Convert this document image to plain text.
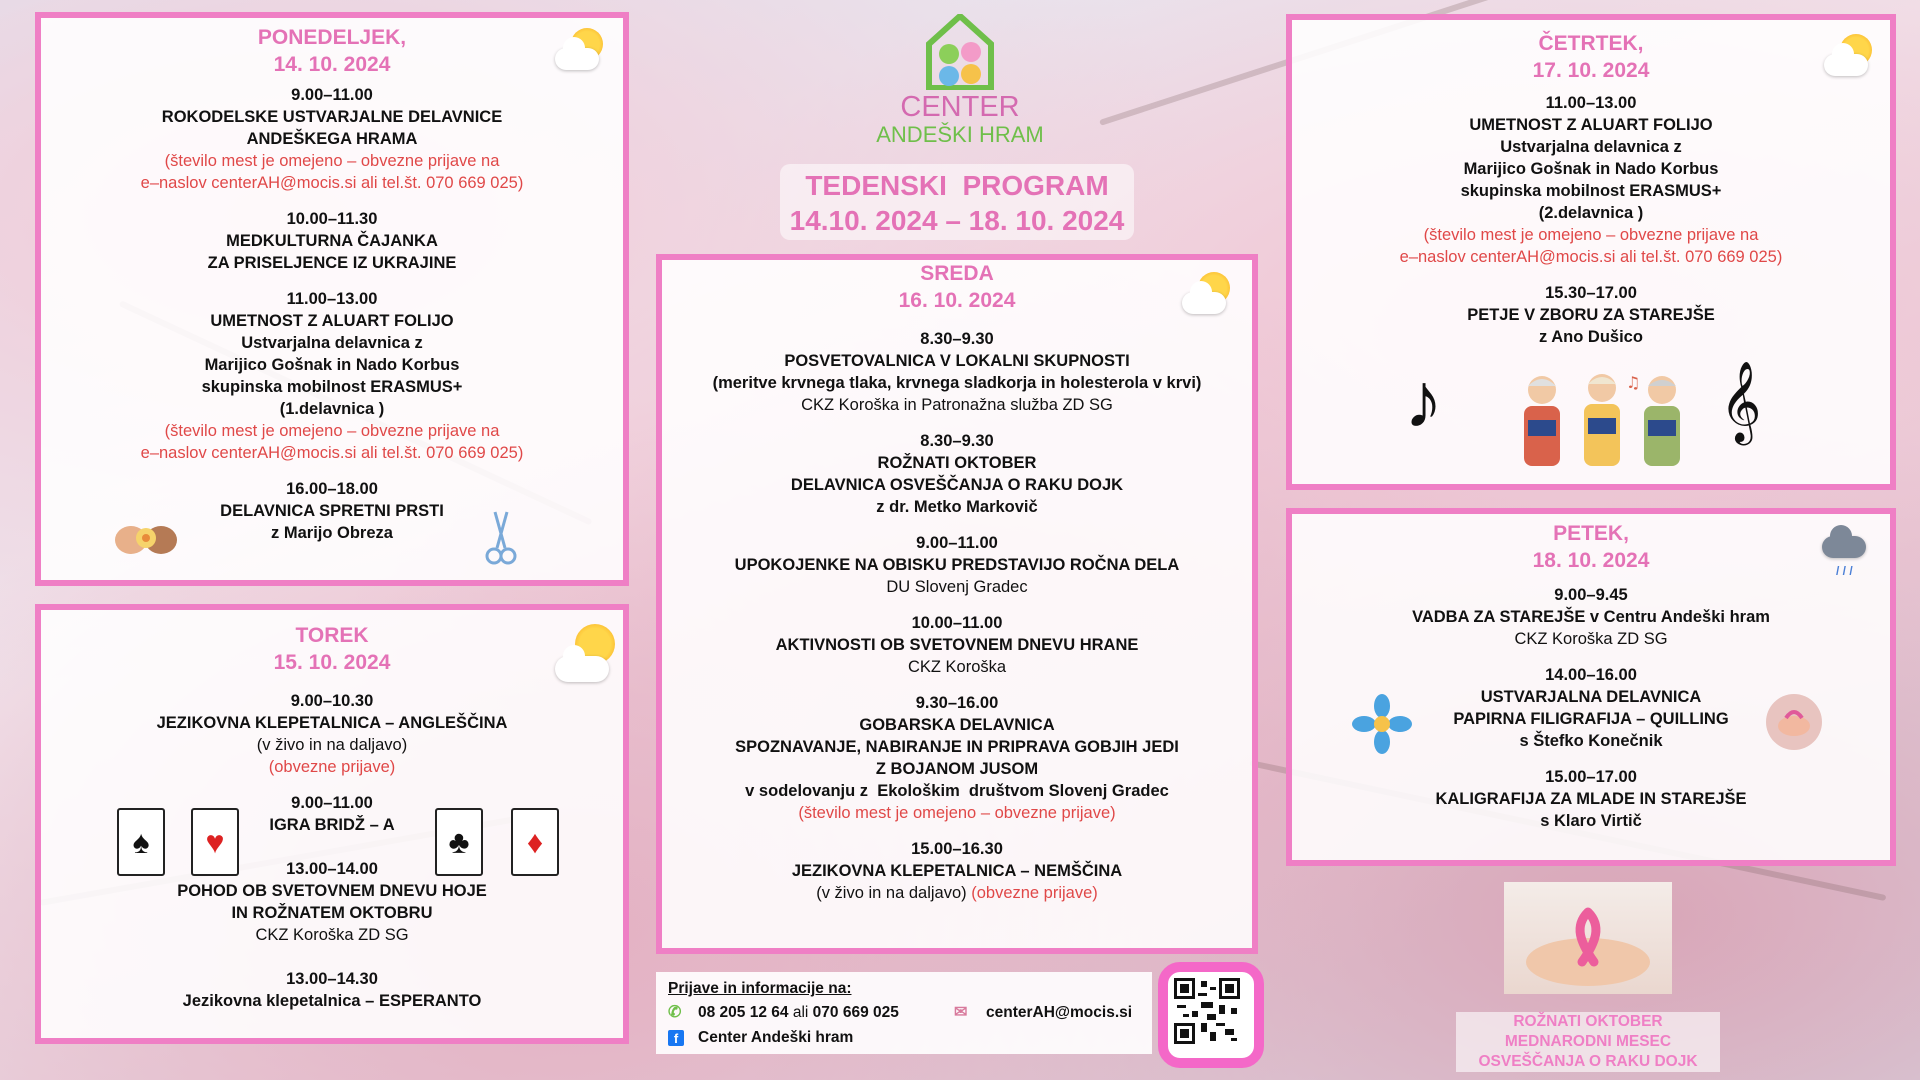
PONEDELJEK,
14. 10. 2024
9.00–11.00
ROKODELSKE USTVARJALNE DELAVNICE
ANDEŠKEGA HRAMA
(število mest je omejeno – obvezne prijave na
e–naslov centerAH@mocis.si ali tel.št. 070 669 025)
10.00–11.30
MEDKULTURNA ČAJANKA
ZA PRISELJENCE IZ UKRAJINE
11.00–13.00
UMETNOST Z ALUART FOLIJO
Ustvarjalna delavnica z
Marijico Gošnak in Nado Korbus
skupinska mobilnost ERASMUS+
(1.delavnica )
(število mest je omejeno – obvezne prijave na
e–naslov centerAH@mocis.si ali tel.št. 070 669 025)
16.00–18.00
DELAVNICA SPRETNI PRSTI
z Marijo Obreza
TOREK
15. 10. 2024
9.00–10.30
JEZIKOVNA KLEPETALNICA – ANGLEŠČINA
(v živo in na daljavo)
(obvezne prijave)
9.00–11.00
IGRA BRIDŽ – A
13.00–14.00
POHOD OB SVETOVNEM DNEVU HOJE
IN ROŽNATEM OKTOBRU
CKZ Koroška ZD SG
13.00–14.30
Jezikovna klepetalnica – ESPERANTO
♠	♥	♣	♦
CENTER
ANDEŠKI HRAM
TEDENSKI  PROGRAM
14.10. 2024 – 18. 10. 2024
SREDA
16. 10. 2024
8.30–9.30
POSVETOVALNICA V LOKALNI SKUPNOSTI
(meritve krvnega tlaka, krvnega sladkorja in holesterola v krvi)
CKZ Koroška in Patronažna služba ZD SG
8.30–9.30
ROŽNATI OKTOBER
DELAVNICA OSVEŠČANJA O RAKU DOJK
z dr. Metko Markovič
9.00–11.00
UPOKOJENKE NA OBISKU PREDSTAVIJO ROČNA DELA
DU Slovenj Gradec
10.00–11.00
AKTIVNOSTI OB SVETOVNEM DNEVU HRANE
CKZ Koroška
9.30–16.00
GOBARSKA DELAVNICA
SPOZNAVANJE, NABIRANJE IN PRIPRAVA GOBJIH JEDI
Z BOJANOM JUSOM
v sodelovanju z  Ekološkim  društvom Slovenj Gradec
(število mest je omejeno – obvezne prijave)
15.00–16.30
JEZIKOVNA KLEPETALNICA – NEMŠČINA
(v živo in na daljavo) (obvezne prijave)
Prijave in informacije na:
✆ 08 205 12 64 ali 070 669 025	✉ centerAH@mocis.si
f	Center Andeški hram
ČETRTEK,
17. 10. 2024
11.00–13.00
UMETNOST Z ALUART FOLIJO
Ustvarjalna delavnica z
Marijico Gošnak in Nado Korbus
skupinska mobilnost ERASMUS+
(2.delavnica )
(število mest je omejeno – obvezne prijave na
e–naslov centerAH@mocis.si ali tel.št. 070 669 025)
15.30–17.00
PETJE V ZBORU ZA STAREJŠE
z Ano Dušico
♪	♫ 𝄞
PETEK,
18. 10. 2024	/ / /
9.00–9.45
VADBA ZA STAREJŠE v Centru Andeški hram
CKZ Koroška ZD SG
14.00–16.00
USTVARJALNA DELAVNICA
PAPIRNA FILIGRAFIJA – QUILLING
s Štefko Konečnik
15.00–17.00
KALIGRAFIJA ZA MLADE IN STAREJŠE
s Klaro Virtič
ROŽNATI OKTOBER
MEDNARODNI MESEC
OSVEŠČANJA O RAKU DOJK
